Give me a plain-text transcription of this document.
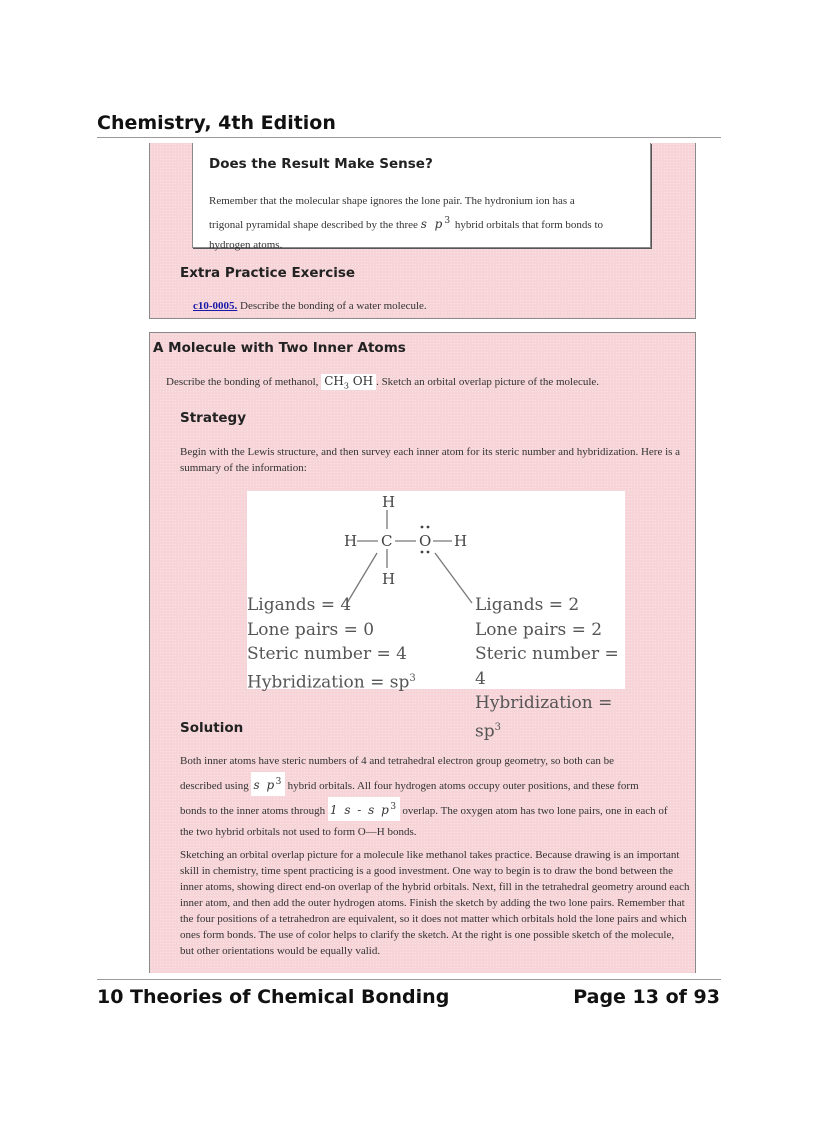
Chemistry, 4th Edition
Does the Result Make Sense?
Remember that the molecular shape ignores the lone pair. The hydronium ion has a
trigonal pyramidal shape described by the three s $p^3$ hybrid orbitals that form bonds to
hydrogen atoms.
Extra Practice Exercise
c10-0005. Describe the bonding of a water molecule.
A Molecule with Two Inner Atoms
Describe the bonding of methanol, $CH_3$ OH . Sketch an orbital overlap picture of the molecule.
Strategy
Begin with the Lewis structure, and then survey each inner atom for its steric number and hybridization. Here is a summary of the information:
H
H C O H
H
Ligands = 4
Lone pairs = 0
Steric number = 4
Hybridization = $sp^3$
Ligands = 2
Lone pairs = 2
Steric number = 4
Hybridization = $sp^3$
Solution
Both inner atoms have steric numbers of 4 and tetrahedral electron group geometry, so both can be
described using s $p^3$ hybrid orbitals. All four hydrogen atoms occupy outer positions, and these form
bonds to the inner atoms through 1 s - s $p^3$ overlap. The oxygen atom has two lone pairs, one in each of
the two hybrid orbitals not used to form O—H bonds.
Sketching an orbital overlap picture for a molecule like methanol takes practice. Because drawing is an important skill in chemistry, time spent practicing is a good investment. One way to begin is to draw the bond between the inner atoms, showing direct end-on overlap of the hybrid orbitals. Next, fill in the tetrahedral geometry around each inner atom, and then add the outer hydrogen atoms. Finish the sketch by adding the two lone pairs. Remember that the four positions of a tetrahedron are equivalent, so it does not matter which orbitals hold the lone pairs and which ones form bonds. The use of color helps to clarify the sketch. At the right is one possible sketch of the molecule, but other orientations would be equally valid.
10 Theories of Chemical Bonding	Page 13 of 93
